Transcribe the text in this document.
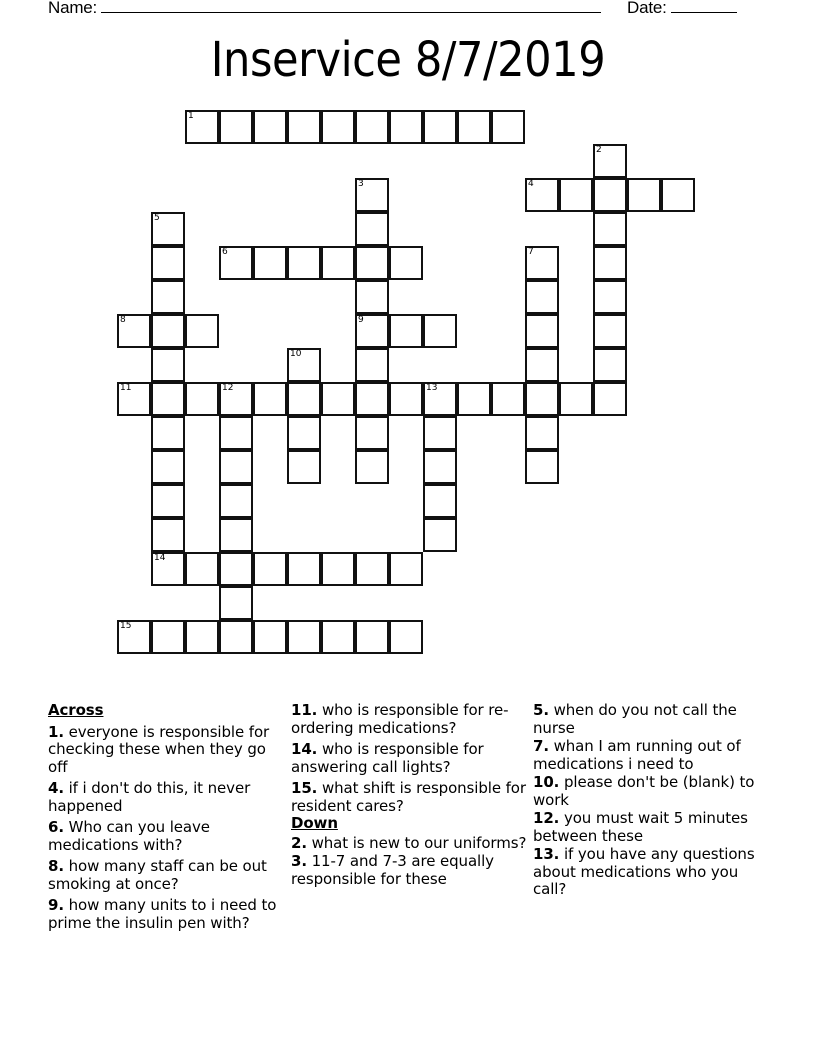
Name:	Date:
Inservice 8/7/2019
1
2
3
9
4
5
14
6	7
8
10
11	12	13
15
Across
1. everyone is responsible for checking these when they go off
4. if i don't do this, it never happened
6. Who can you leave medications with?
8. how many staff can be out smoking at once?
9. how many units to i need to prime the insulin pen with?
11. who is responsible for re-ordering medications?
14. who is responsible for answering call lights?
15. what shift is responsible for resident cares?
Down
2. what is new to our uniforms?
3. 11-7 and 7-3 are equally responsible for these
5. when do you not call the nurse
7. whan I am running out of medications i need to
10. please don't be (blank) to work
12. you must wait 5 minutes between these
13. if you have any questions about medications who you call?
